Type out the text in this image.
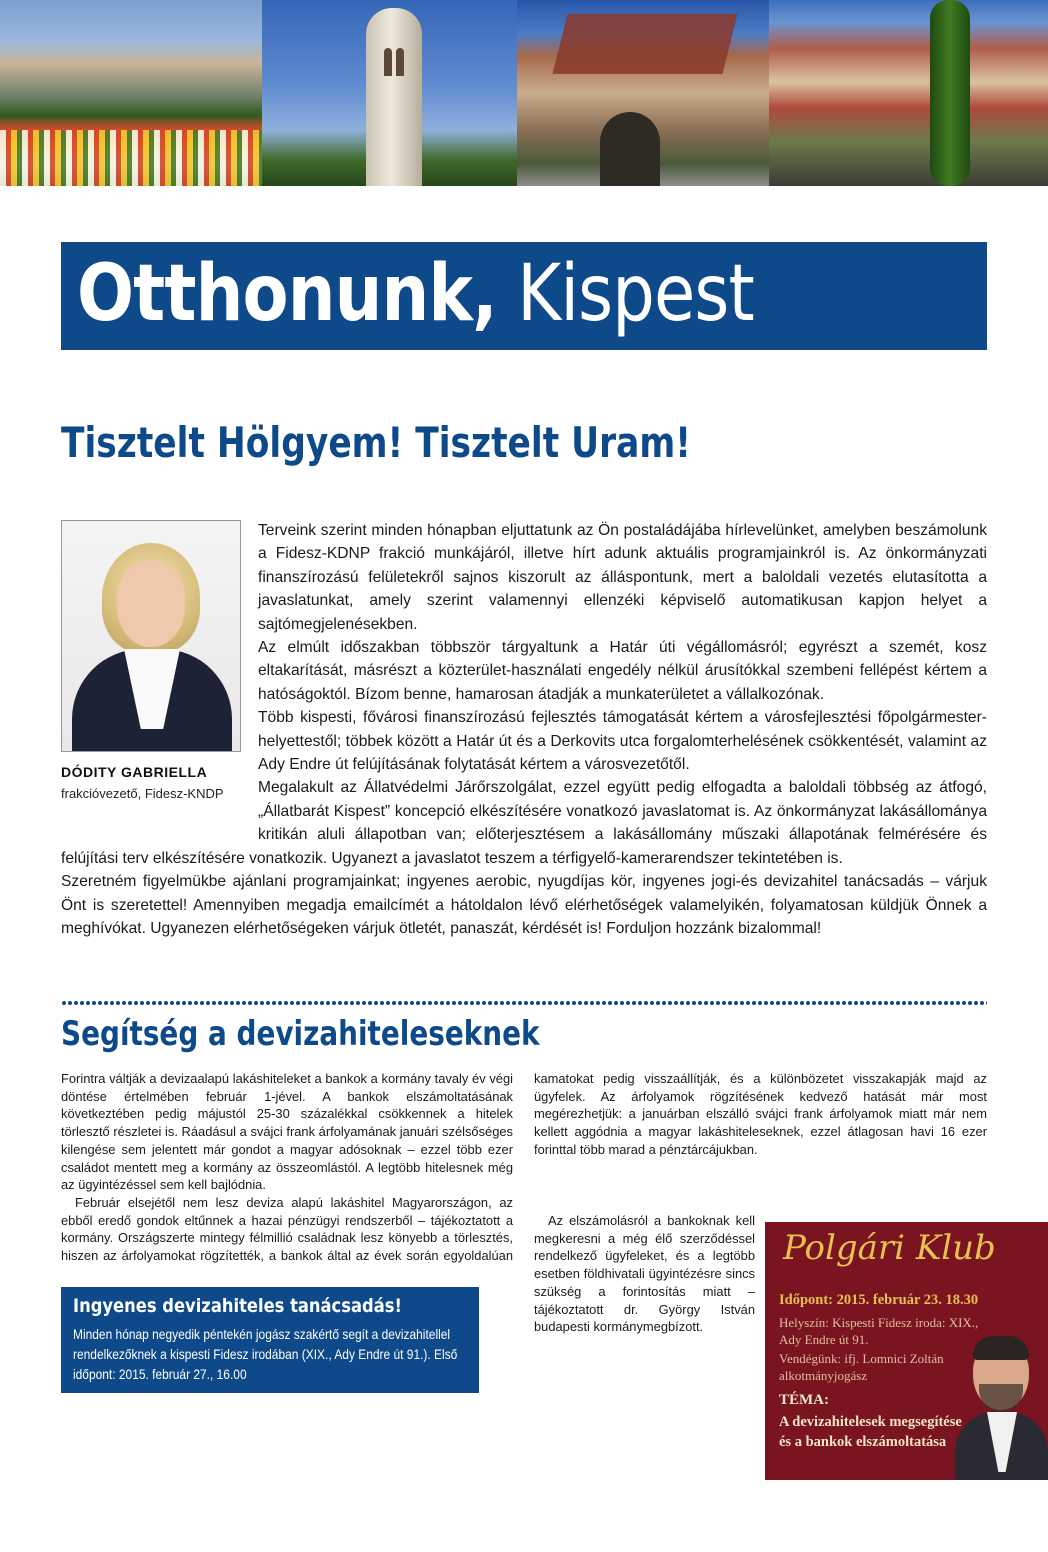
Otthonunk, Kispest
Tisztelt Hölgyem! Tisztelt Uram!

Terveink szerint minden hónapban eljuttatunk az Ön postaládájába hírlevelünket, amelyben beszámolunk a Fidesz-KDNP frakció munkájáról, illetve hírt adunk aktuális programjainkról is. Az önkormányzati finanszírozású felületekről sajnos kiszorult az álláspontunk, mert a baloldali vezetés elutasította a javaslatunkat, amely szerint valamennyi ellenzéki képviselő automatikusan kapjon helyet a sajtómegjelenésekben.

Az elmúlt időszakban többször tárgyaltunk a Határ úti végállomásról; egyrészt a szemét, kosz eltakarítását, másrészt a közterület-használati engedély nélkül árusítókkal szembeni fellépést kértem a hatóságoktól. Bízom benne, hamarosan átadják a munkaterületet a vállalkozónak.

Több kispesti, fővárosi finanszírozású fejlesztés támogatását kértem a városfejlesztési főpolgármester-helyettestől; többek között a Határ út és a Derkovits utca forgalomterhelésének csökkentését, valamint az Ady Endre út felújításának folytatását kértem a városvezetőtől.

Megalakult az Állatvédelmi Járőrszolgálat, ezzel együtt pedig elfogadta a baloldali többség az átfogó, „Állatbarát Kispest” koncepció elkészítésére vonatkozó javaslatomat is. Az önkormányzat lakásállománya kritikán aluli állapotban van; előterjesztésem a lakásállomány műszaki állapotának felmérésére és felújítási terv elkészítésére vonatkozik. Ugyanezt a javaslatot teszem a térfigyelő-kamerarendszer tekintetében is.

Szeretném figyelmükbe ajánlani programjainkat; ingyenes aerobic, nyugdíjas kör, ingyenes jogi-és devizahitel tanácsadás – várjuk Önt is szeretettel! Amennyiben megadja emailcímét a hátoldalon lévő elérhetőségek valamelyikén, folyamatosan küldjük Önnek a meghívókat. Ugyanezen elérhetőségeken várjuk ötletét, panaszát, kérdését is! Forduljon hozzánk bizalommal!

DÓDITY GABRIELLA
frakcióvezető, Fidesz-KNDP
Segítség a devizahiteleseknek

Forintra váltják a devizaalapú lakáshiteleket a bankok a kormány tavaly év végi döntése értelmében február 1-jével. A bankok elszámoltatásának következtében pedig májustól 25-30 százalékkal csökkennek a hitelek törlesztő részletei is. Ráadásul a svájci frank árfolyamának januári szélsőséges kilengése sem jelentett már gondot a magyar adósoknak – ezzel több ezer családot mentett meg a kormány az összeomlástól. A legtöbb hitelesnek még az ügyintézéssel sem kell bajlódnia.

Február elsejétől nem lesz deviza alapú lakáshitel Magyarországon, az ebből eredő gondok eltűnnek a hazai pénzügyi rendszerből – tájékoztatott a kormány. Országszerte mintegy félmillió családnak lesz könyebb a törlesztés, hiszen az árfolyamokat rögzítették, a bankok által az évek során egyoldalúan

kamatokat pedig visszaállítják, és a különbözetet visszakapják majd az ügyfelek. Az árfolyamok rögzítésének kedvező hatását már most megérezhetjük: a januárban elszálló svájci frank árfolyamok miatt már nem kellett aggódnia a magyar lakáshiteleseknek, ezzel átlagosan havi 16 ezer forinttal több marad a pénztárcájukban.

Az elszámolásról a bankoknak kell megkeresni a még élő szerződéssel rendelkező ügyfeleket, és a legtöbb esetben földhivatali ügyintézésre sincs szükség a forintosítás miatt – tájékoztatott dr. György István budapesti kormánymegbízott.

Ingyenes devizahiteles tanácsadás!
Minden hónap negyedik péntekén jogász szakértő segít a devizahitellel rendelkezőknek a kispesti Fidesz irodában (XIX., Ady Endre út 91.). Első időpont: 2015. február 27., 16.00
Polgári Klub
Időpont: 2015. február 23. 18.30
Helyszín: Kispesti Fidesz iroda: XIX., Ady Endre út 91.
Vendégünk: ifj. Lomnici Zoltán alkotmányjogász
TÉMA:
A devizahitelesek megsegítése és a bankok elszámoltatása
